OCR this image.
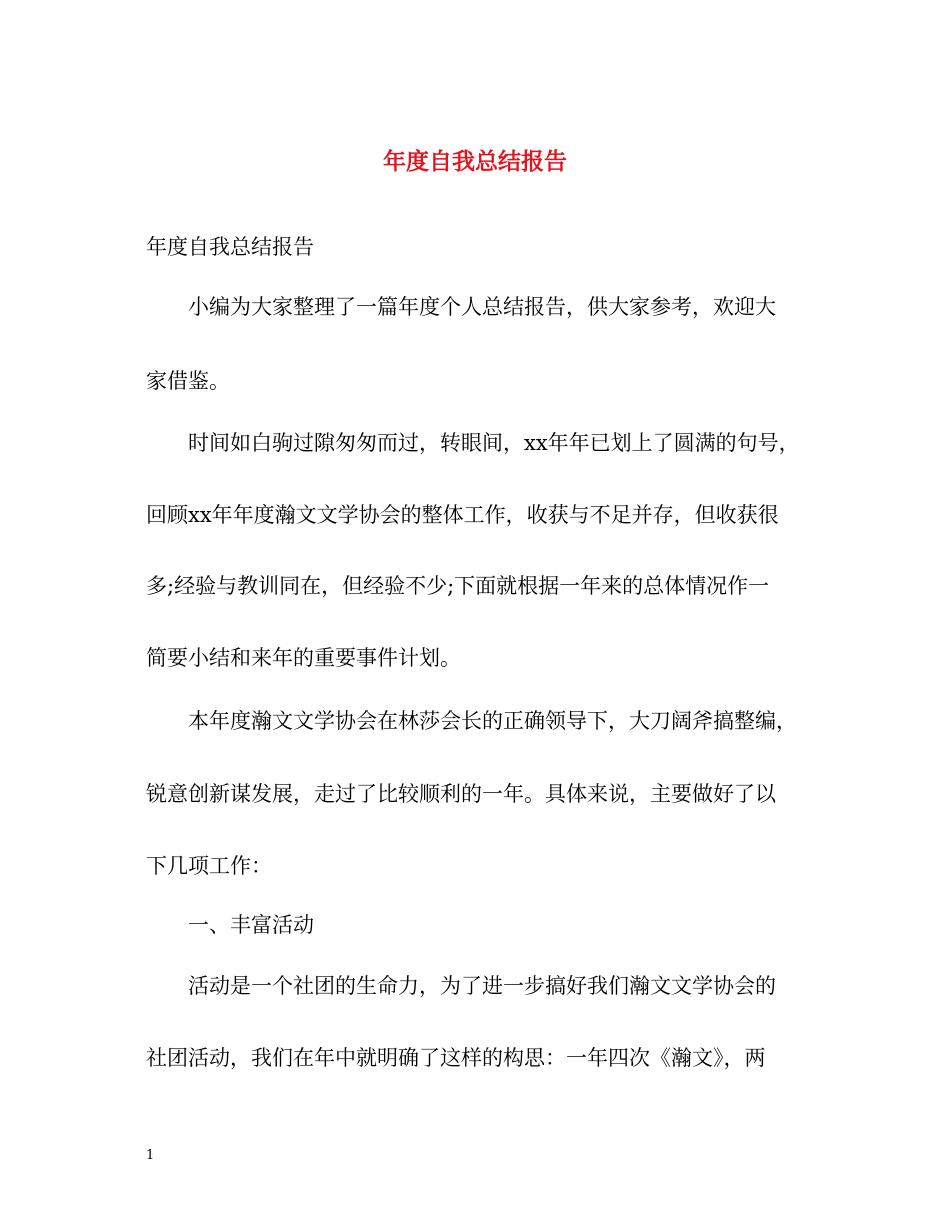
年度自我总结报告

年度自我总结报告

小编为大家整理了一篇年度个人总结报告，供大家参考，欢迎大

家借鉴。

时间如白驹过隙匆匆而过，转眼间，xx年年已划上了圆满的句号，

回顾xx年年度瀚文文学协会的整体工作，收获与不足并存，但收获很

多;经验与教训同在，但经验不少;下面就根据一年来的总体情况作一

简要小结和来年的重要事件计划。

本年度瀚文文学协会在林莎会长的正确领导下，大刀阔斧搞整编，

锐意创新谋发展，走过了比较顺利的一年。具体来说，主要做好了以

下几项工作：

一、丰富活动

活动是一个社团的生命力，为了进一步搞好我们瀚文文学协会的

社团活动，我们在年中就明确了这样的构思：一年四次《瀚文》，两

1
